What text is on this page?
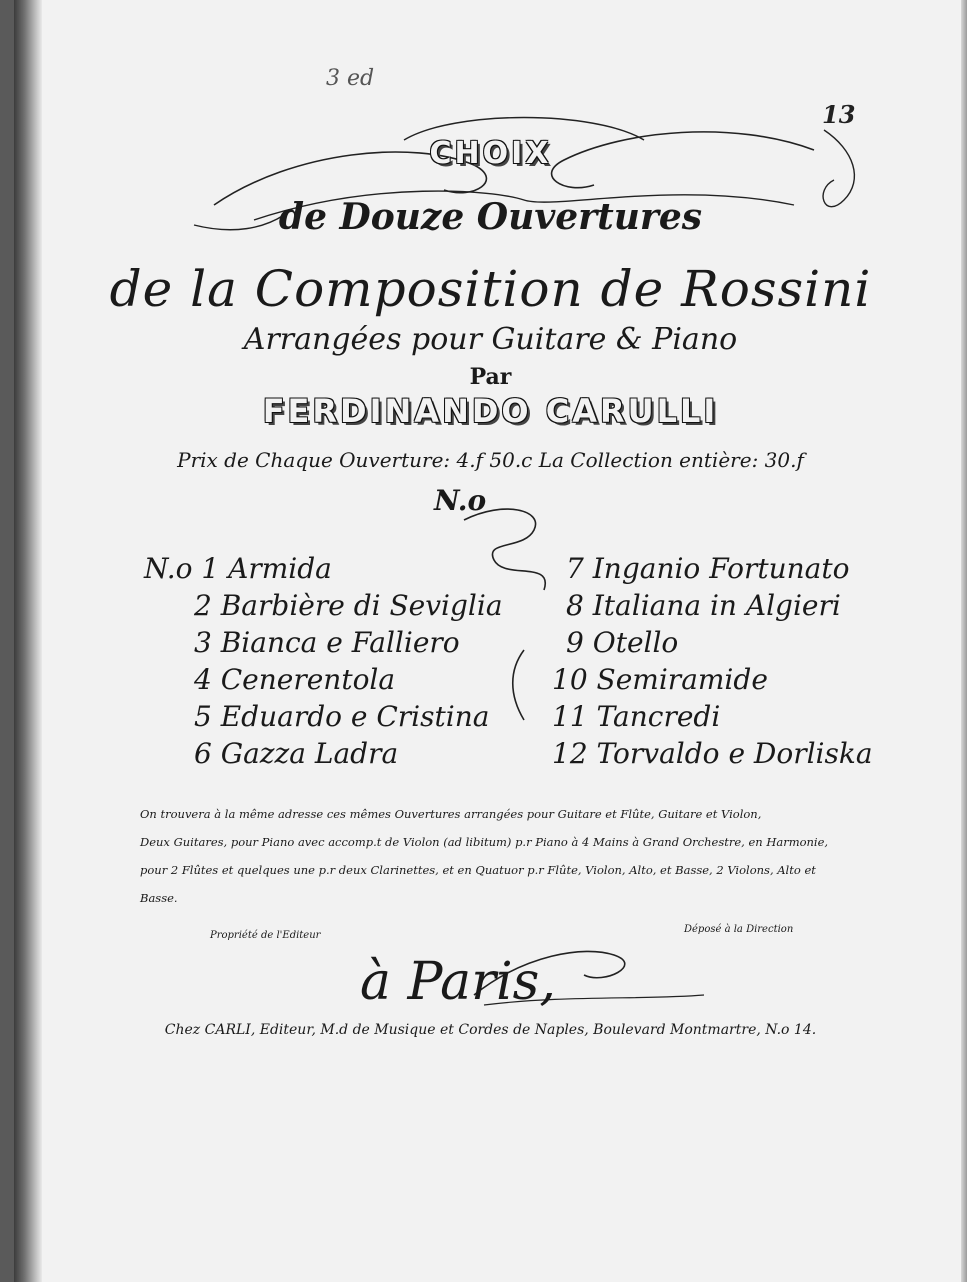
3 ed
13
CHOIX
de Douze Ouvertures
de la Composition de Rossini
Arrangées pour Guitare & Piano
Par
FERDINANDO CARULLI
Prix de Chaque Ouverture: 4.f 50.c La Collection entière: 30.f
N.o
N.o 1 Armida
2 Barbière di Seviglia
3 Bianca e Falliero
4 Cenerentola
5 Eduardo e Cristina
6 Gazza Ladra
7 Inganio Fortunato
8 Italiana in Algieri
9 Otello
10 Semiramide
11 Tancredi
12 Torvaldo e Dorliska
On trouvera à la même adresse ces mêmes Ouvertures arrangées pour Guitare et Flûte, Guitare et Violon,
Deux Guitares, pour Piano avec accomp.t de Violon (ad libitum) p.r Piano à 4 Mains à Grand Orchestre, en Harmonie,
pour 2 Flûtes et quelques une p.r deux Clarinettes, et en Quatuor p.r Flûte, Violon, Alto, et Basse, 2 Violons, Alto et
Basse.
Propriété de l'Editeur
Déposé à la Direction
à Paris,
Chez CARLI, Editeur, M.d de Musique et Cordes de Naples, Boulevard Montmartre, N.o 14.
